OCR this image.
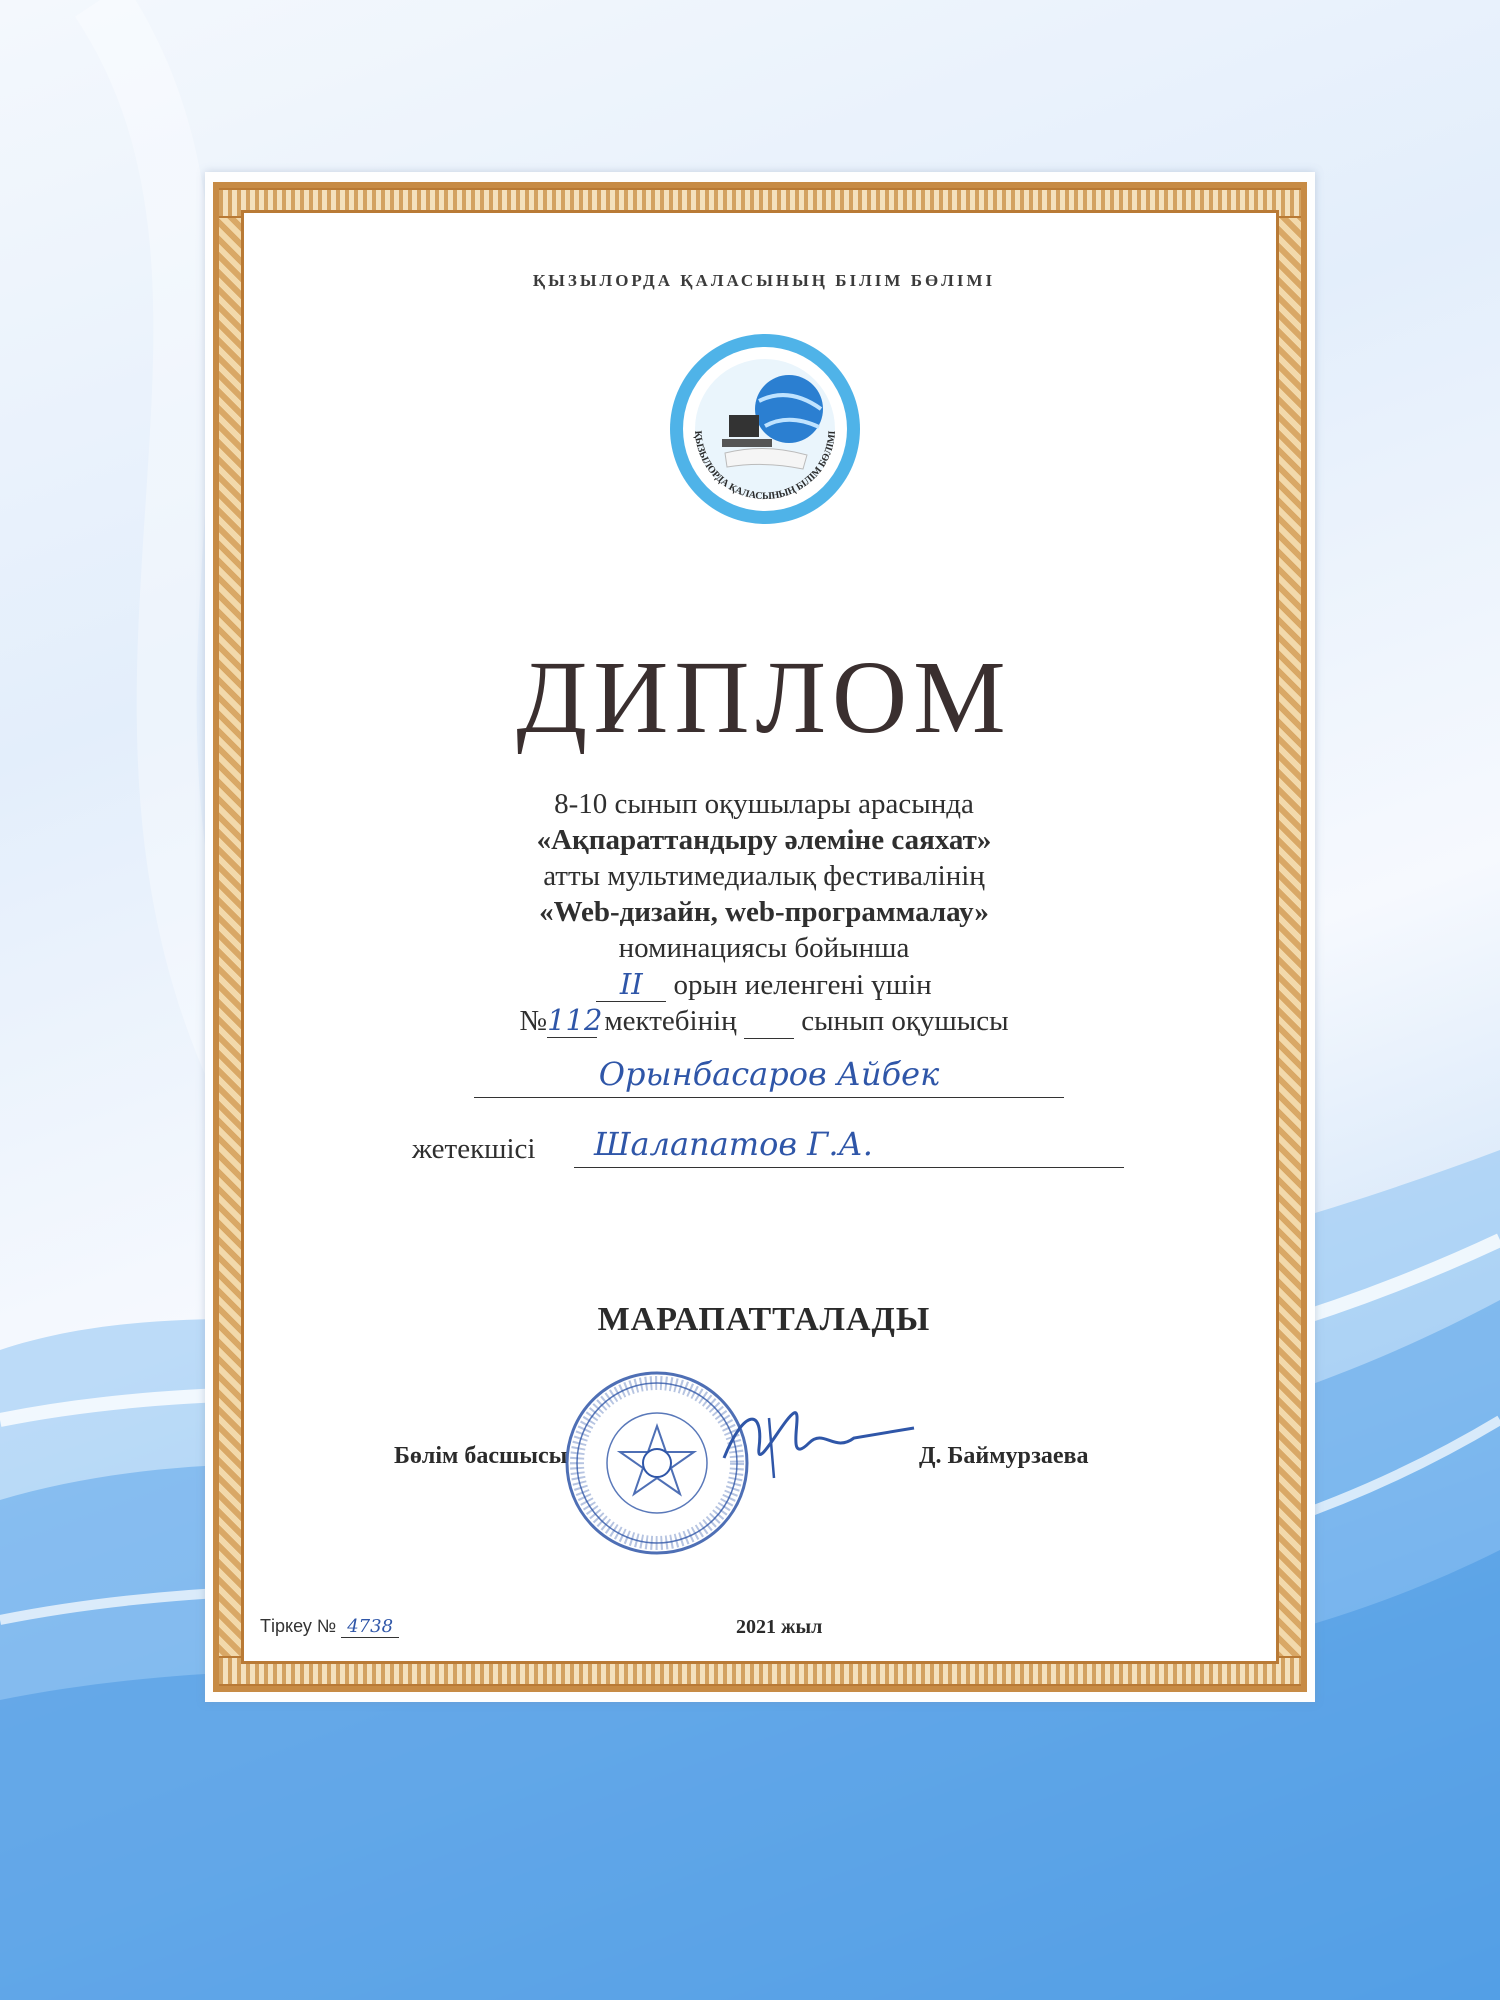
ҚЫЗЫЛОРДА ҚАЛАСЫНЫҢ БІЛІМ БӨЛІМІ
ҚЫЗЫЛОРДА ҚАЛАСЫНЫҢ БІЛІМ БӨЛІМІ
ДИПЛОМ
8-10 сынып оқушылары арасында
«Ақпараттандыру әлеміне саяхат»
атты мультимедиалық фестивалінің
«Web-дизайн, web-программалау»
номинациясы бойынша
II орын иеленгені үшін
№112 мектебінің сынып оқушысы
Орынбасаров Айбек
жетекшісі	Шалапатов Г.А.
МАРАПАТТАЛАДЫ
Бөлім басшысы	Д. Баймурзаева
Тіркеу № 4738	2021 жыл
